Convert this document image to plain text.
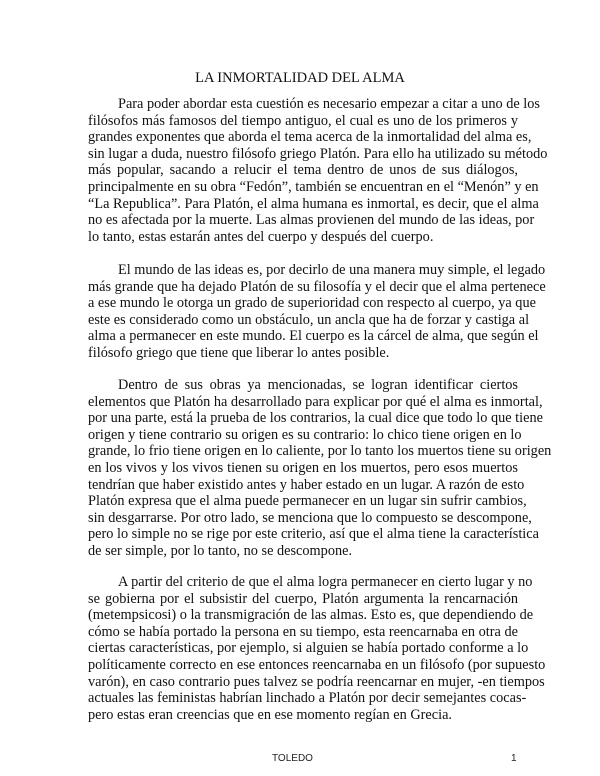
LA INMORTALIDAD DEL ALMA
Para poder abordar esta cuestión es necesario empezar a citar a uno de los
filósofos más famosos del tiempo antiguo, el cual es uno de los primeros y
grandes exponentes que aborda el tema acerca de la inmortalidad del alma es,
sin lugar a duda, nuestro filósofo griego Platón. Para ello ha utilizado su método
más popular, sacando a relucir el tema dentro de unos de sus diálogos,
principalmente en su obra “Fedón”, también se encuentran en el “Menón” y en
“La Republica”. Para Platón, el alma humana es inmortal, es decir, que el alma
no es afectada por la muerte. Las almas provienen del mundo de las ideas, por
lo tanto, estas estarán antes del cuerpo y después del cuerpo.
El mundo de las ideas es, por decirlo de una manera muy simple, el legado
más grande que ha dejado Platón de su filosofía y el decir que el alma pertenece
a ese mundo le otorga un grado de superioridad con respecto al cuerpo, ya que
este es considerado como un obstáculo, un ancla que ha de forzar y castiga al
alma a permanecer en este mundo. El cuerpo es la cárcel de alma, que según el
filósofo griego que tiene que liberar lo antes posible.
Dentro de sus obras ya mencionadas, se logran identificar ciertos
elementos que Platón ha desarrollado para explicar por qué el alma es inmortal,
por una parte, está la prueba de los contrarios, la cual dice que todo lo que tiene
origen y tiene contrario su origen es su contrario: lo chico tiene origen en lo
grande, lo frio tiene origen en lo caliente, por lo tanto los muertos tiene su origen
en los vivos y los vivos tienen su origen en los muertos, pero esos muertos
tendrían que haber existido antes y haber estado en un lugar. A razón de esto
Platón expresa que el alma puede permanecer en un lugar sin sufrir cambios,
sin desgarrarse. Por otro lado, se menciona que lo compuesto se descompone,
pero lo simple no se rige por este criterio, así que el alma tiene la característica
de ser simple, por lo tanto, no se descompone.
A partir del criterio de que el alma logra permanecer en cierto lugar y no
se gobierna por el subsistir del cuerpo, Platón argumenta la rencarnación
(metempsicosi) o la transmigración de las almas. Esto es, que dependiendo de
cómo se había portado la persona en su tiempo, esta reencarnaba en otra de
ciertas características, por ejemplo, si alguien se había portado conforme a lo
políticamente correcto en ese entonces reencarnaba en un filósofo (por supuesto
varón), en caso contrario pues talvez se podría reencarnar en mujer, -en tiempos
actuales las feministas habrían linchado a Platón por decir semejantes cocas-
pero estas eran creencias que en ese momento regían en Grecia.
TOLEDO	1
